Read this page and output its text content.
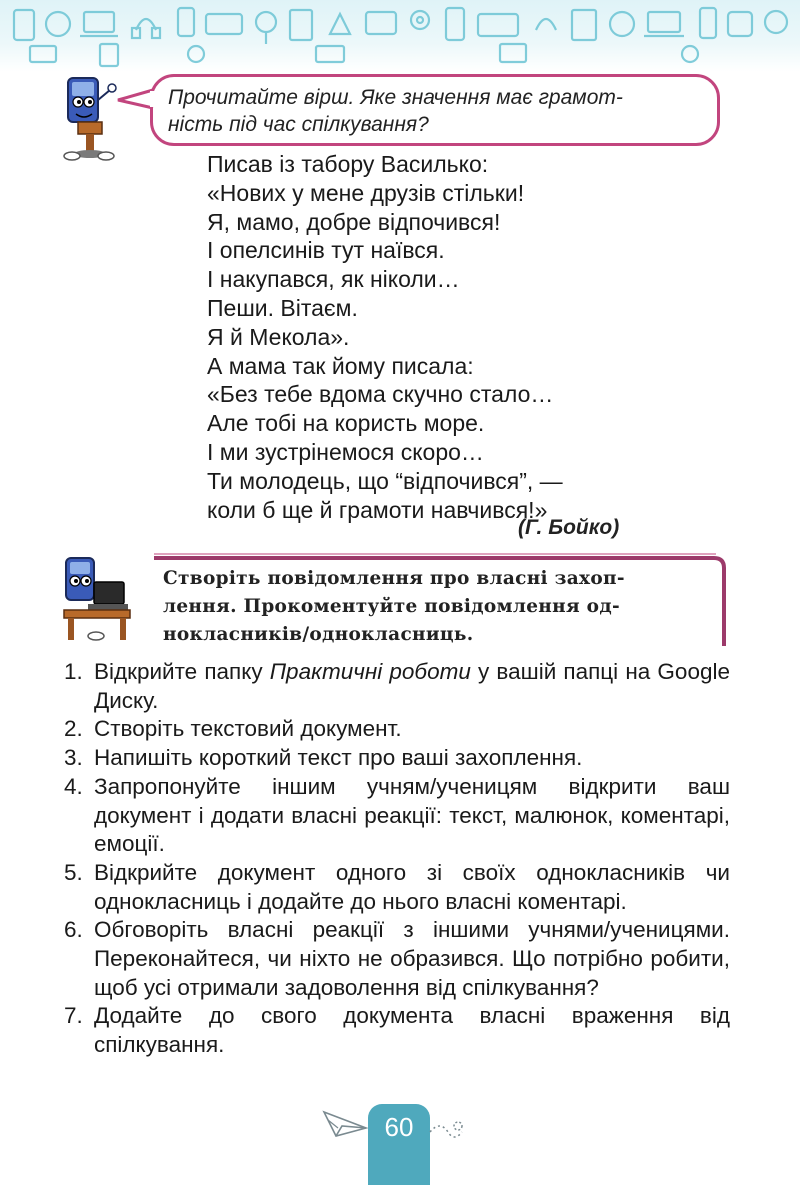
Прочитайте вірш. Яке значення має грамот-
ність під час спілкування?
Писав із табору Василько:
«Нових у мене друзів стільки!
Я, мамо, добре відпочився!
І опелсинів тут наївся.
І накупався, як ніколи…
Пеши. Вітаєм.
Я й Мекола».
А мама так йому писала:
«Без тебе вдома скучно стало…
Але тобі на користь море.
І ми зустрінемося скоро…
Ти молодець, що “відпочився”, —
коли б ще й грамоти навчився!»
(Г. Бойко)
Створіть повідомлення про власні захоп-
лення. Прокоментуйте повідомлення од-
нокласників/однокласниць.
1. Відкрийте папку Практичні роботи у вашій папці на Google Диску.
2. Створіть текстовий документ.
3. Напишіть короткий текст про ваші захоплення.
4. Запропонуйте іншим учням/ученицям відкрити ваш документ і додати власні реакції: текст, малюнок, коментарі, емоції.
5. Відкрийте документ одного зі своїх однокласників чи однокласниць і додайте до нього власні коментарі.
6. Обговоріть власні реакції з іншими учнями/ученицями. Переконайтеся, чи ніхто не образився. Що потрібно робити, щоб усі отримали задоволення від спілкування?
7. Додайте до свого документа власні враження від спілкування.
60
